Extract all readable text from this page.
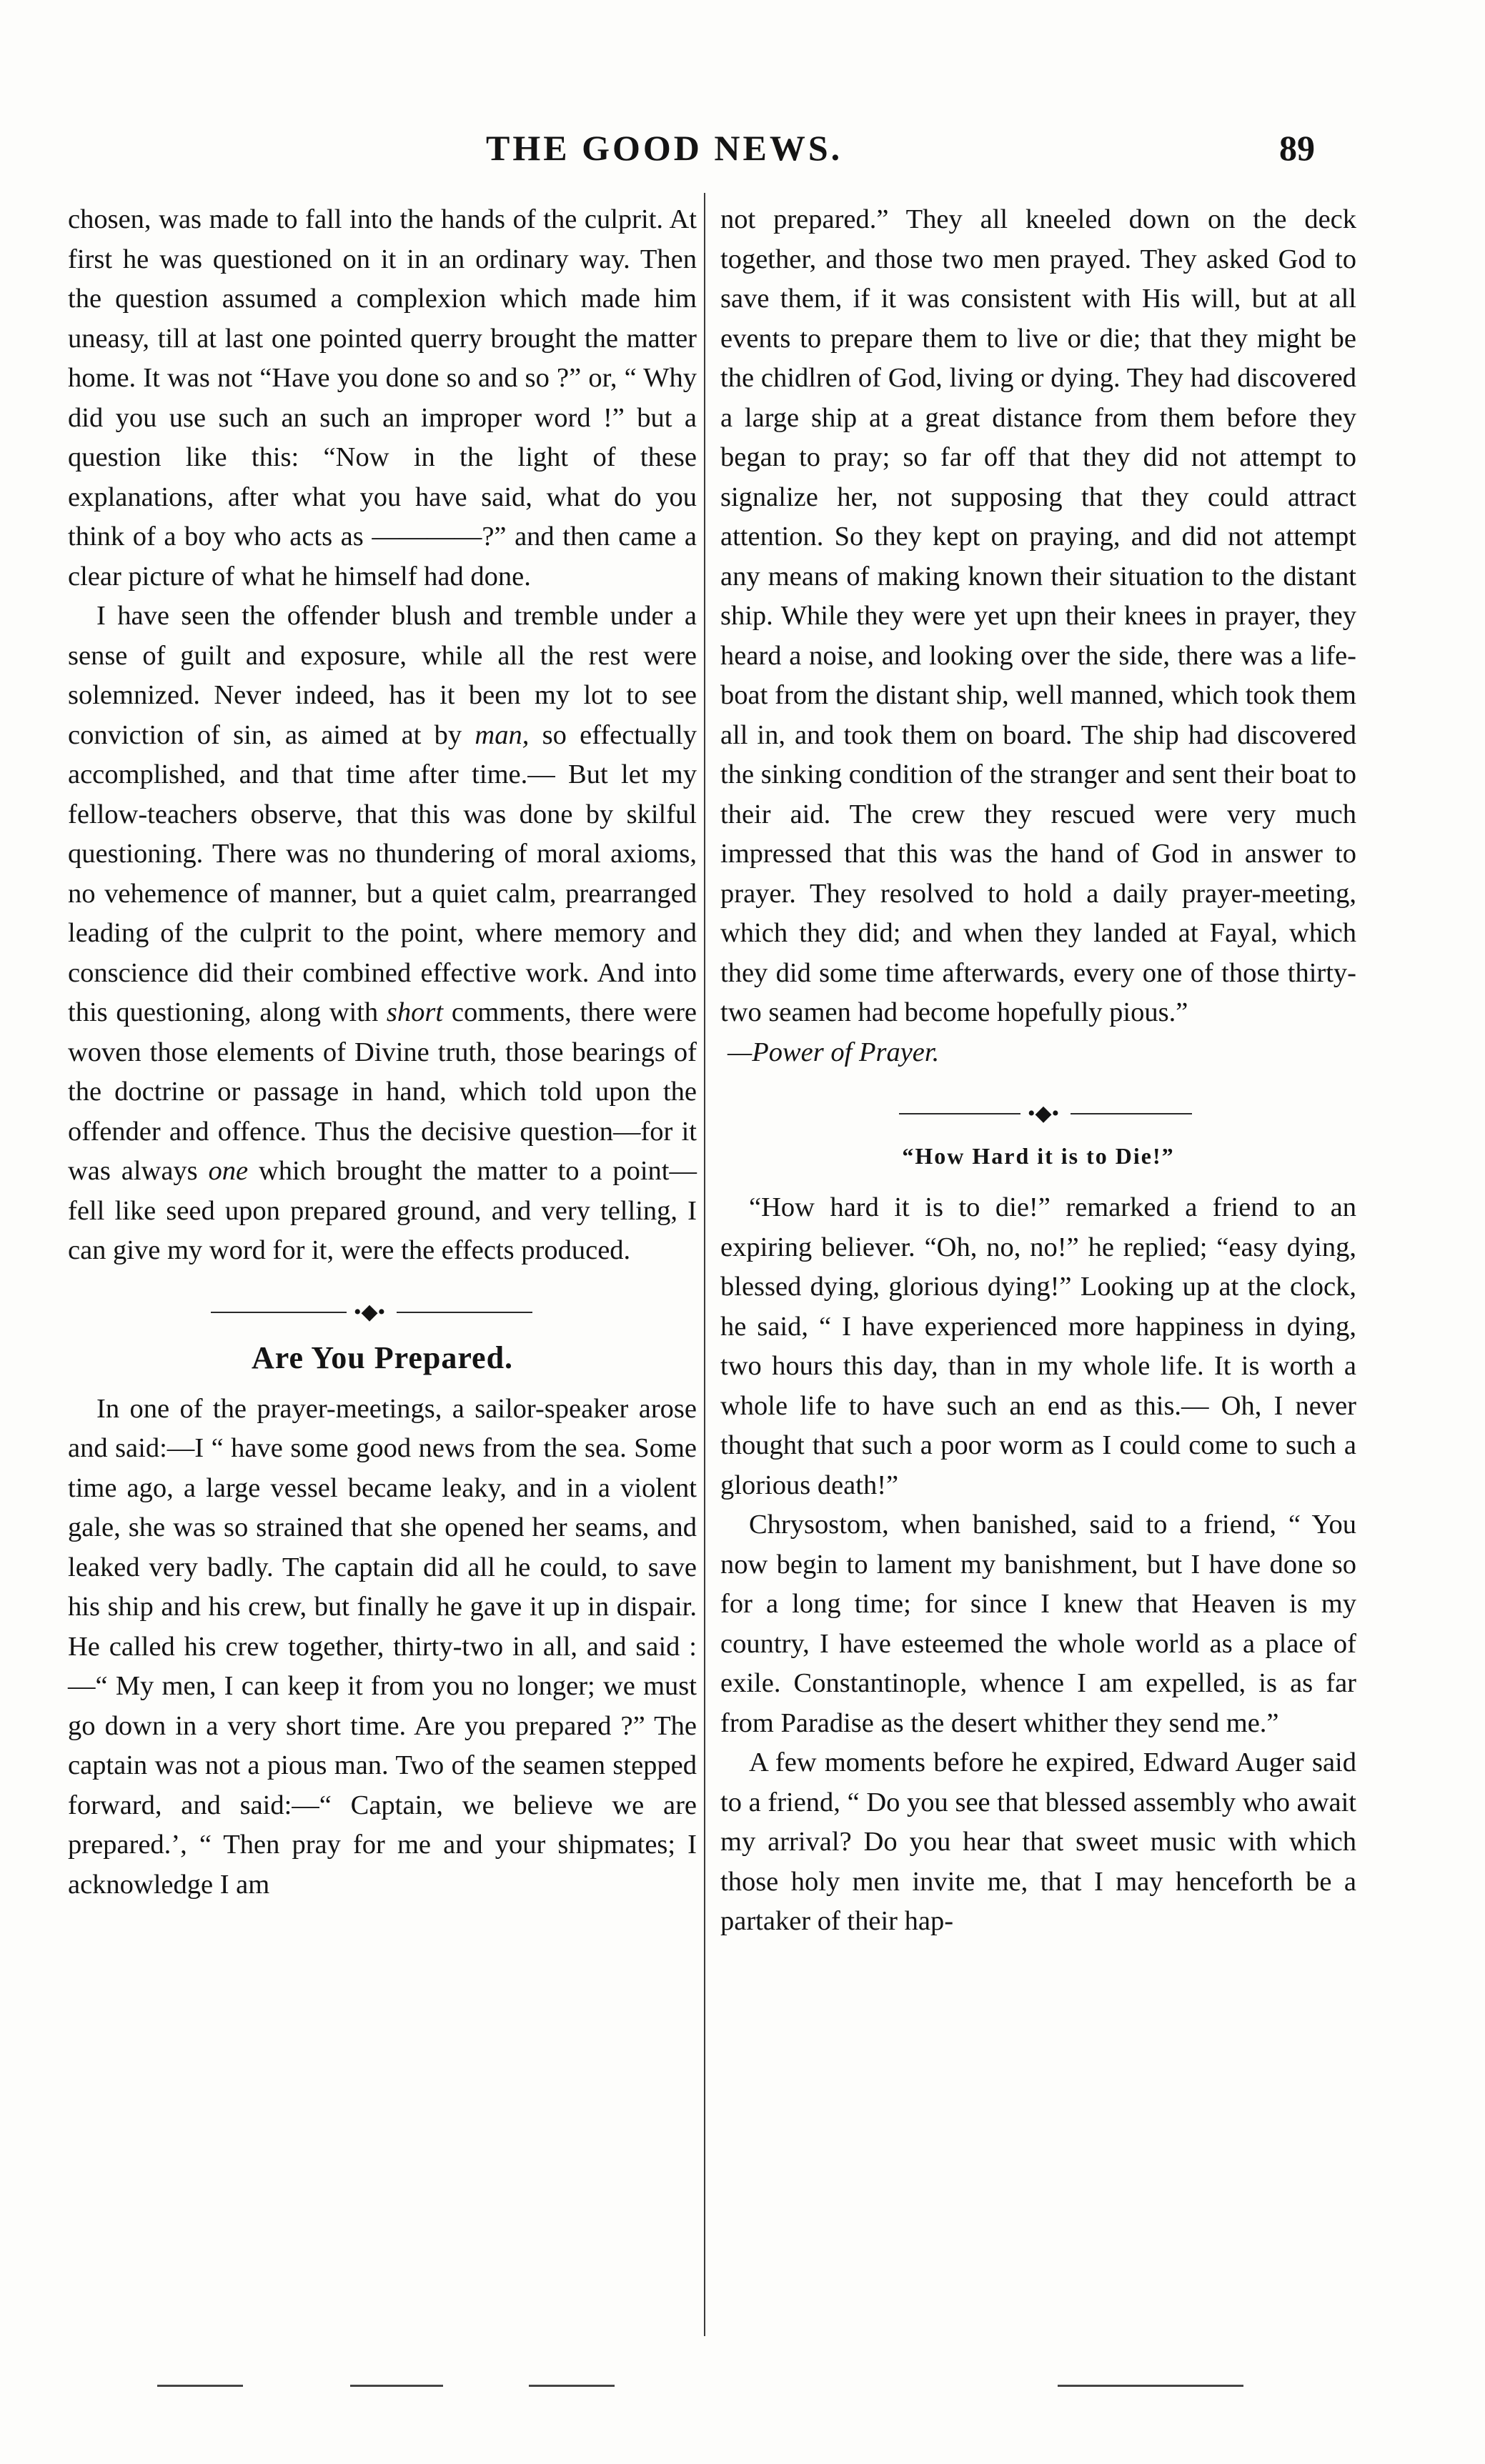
THE GOOD NEWS.	89

chosen, was made to fall into the hands of the culprit. At first he was questioned on it in an ordinary way. Then the question assumed a complexion which made him uneasy, till at last one pointed querry brought the matter home. It was not “Have you done so and so ?” or, “ Why did you use such an such an improper word !” but a question like this: “Now in the light of these explanations, after what you have said, what do you think of a boy who acts as ————?” and then came a clear picture of what he himself had done.

I have seen the offender blush and tremble under a sense of guilt and exposure, while all the rest were solemnized. Never indeed, has it been my lot to see conviction of sin, as aimed at by man, so effectually accomplished, and that time after time.— But let my fellow-teachers observe, that this was done by skilful questioning. There was no thundering of moral axioms, no vehemence of manner, but a quiet calm, prearranged leading of the culprit to the point, where memory and conscience did their combined effective work. And into this questioning, along with short comments, there were woven those elements of Divine truth, those bearings of the doctrine or passage in hand, which told upon the offender and offence. Thus the decisive question—for it was always one which brought the matter to a point—fell like seed upon prepared ground, and very telling, I can give my word for it, were the effects produced.

•◆•
Are You Prepared.

In one of the prayer-meetings, a sailor-speaker arose and said:—I “ have some good news from the sea. Some time ago, a large vessel became leaky, and in a violent gale, she was so strained that she opened her seams, and leaked very badly. The captain did all he could, to save his ship and his crew, but finally he gave it up in dispair. He called his crew together, thirty-two in all, and said :—“ My men, I can keep it from you no longer; we must go down in a very short time. Are you prepared ?” The captain was not a pious man. Two of the seamen stepped forward, and said:—“ Captain, we believe we are prepared.’, “ Then pray for me and your shipmates; I acknowledge I am

not prepared.” They all kneeled down on the deck together, and those two men prayed. They asked God to save them, if it was consistent with His will, but at all events to prepare them to live or die; that they might be the chidlren of God, living or dying. They had discovered a large ship at a great distance from them before they began to pray; so far off that they did not attempt to signalize her, not supposing that they could attract attention. So they kept on praying, and did not attempt any means of making known their situation to the distant ship. While they were yet upn their knees in prayer, they heard a noise, and looking over the side, there was a life-boat from the distant ship, well manned, which took them all in, and took them on board. The ship had discovered the sinking condition of the stranger and sent their boat to their aid. The crew they rescued were very much impressed that this was the hand of God in answer to prayer. They resolved to hold a daily prayer-meeting, which they did; and when they landed at Fayal, which they did some time afterwards, every one of those thirty-two seamen had become hopefully pious.”

—Power of Prayer.

•◆•
“How Hard it is to Die!”

“How hard it is to die!” remarked a friend to an expiring believer. “Oh, no, no!” he replied; “easy dying, blessed dying, glorious dying!” Looking up at the clock, he said, “ I have experienced more happiness in dying, two hours this day, than in my whole life. It is worth a whole life to have such an end as this.— Oh, I never thought that such a poor worm as I could come to such a glorious death!”

Chrysostom, when banished, said to a friend, “ You now begin to lament my banishment, but I have done so for a long time; for since I knew that Heaven is my country, I have esteemed the whole world as a place of exile. Constantinople, whence I am expelled, is as far from Paradise as the desert whither they send me.”

A few moments before he expired, Edward Auger said to a friend, “ Do you see that blessed assembly who await my arrival? Do you hear that sweet music with which those holy men invite me, that I may henceforth be a partaker of their hap-
